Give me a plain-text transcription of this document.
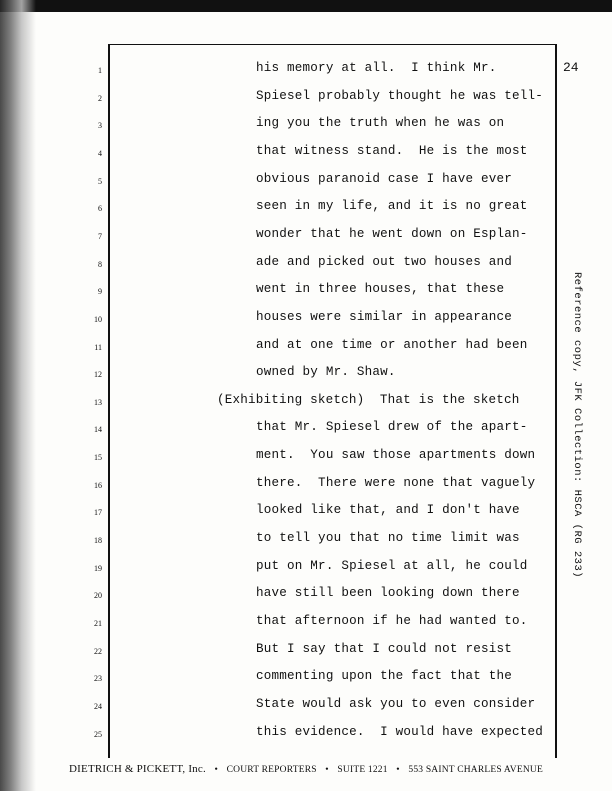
24
1	his memory at all.  I think Mr.
2	Spiesel probably thought he was tell-
3	ing you the truth when he was on
4	that witness stand.  He is the most
5	obvious paranoid case I have ever
6	seen in my life, and it is no great
7	wonder that he went down on Esplan-
8	ade and picked out two houses and
9	went in three houses, that these
10	houses were similar in appearance
11	and at one time or another had been
12	owned by Mr. Shaw.
13	(Exhibiting sketch)  That is the sketch
14	that Mr. Spiesel drew of the apart-
15	ment.  You saw those apartments down
16	there.  There were none that vaguely
17	looked like that, and I don't have
18	to tell you that no time limit was
19	put on Mr. Spiesel at all, he could
20	have still been looking down there
21	that afternoon if he had wanted to.
22	But I say that I could not resist
23	commenting upon the fact that the
24	State would ask you to even consider
25	this evidence.  I would have expected
Reference copy, JFK Collection: HSCA (RG 233)
DIETRICH & PICKETT, Inc. • COURT REPORTERS • SUITE 1221 • 553 SAINT CHARLES AVENUE
